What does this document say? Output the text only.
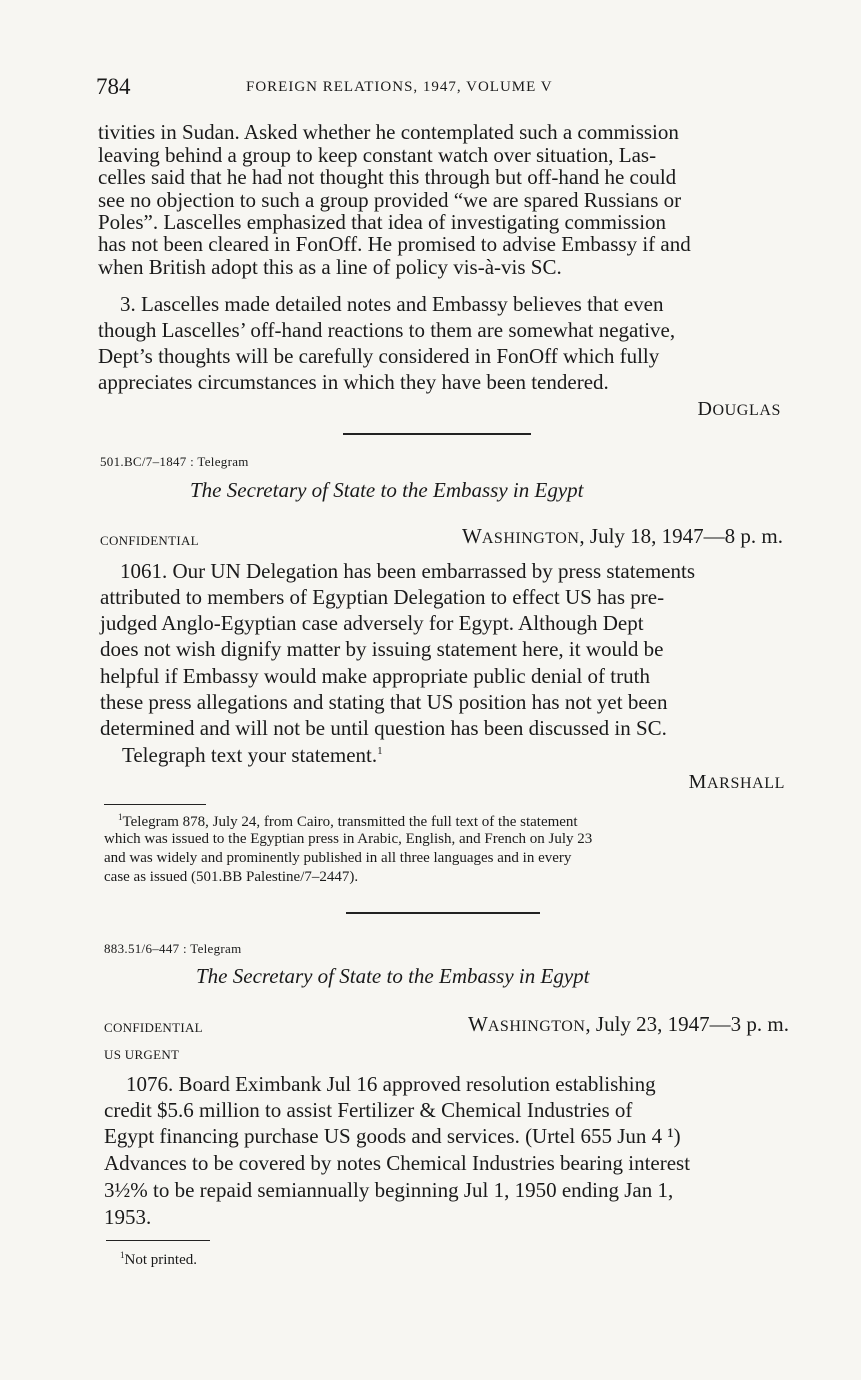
784	FOREIGN RELATIONS, 1947, VOLUME V
tivities in Sudan. Asked whether he contemplated such a commission
leaving behind a group to keep constant watch over situation, Las-
celles said that he had not thought this through but off-hand he could
see no objection to such a group provided “we are spared Russians or
Poles”. Lascelles emphasized that idea of investigating commission
has not been cleared in FonOff. He promised to advise Embassy if and
when British adopt this as a line of policy vis-à-vis SC.
3. Lascelles made detailed notes and Embassy believes that even
though Lascelles’ off-hand reactions to them are somewhat negative,
Dept’s thoughts will be carefully considered in FonOff which fully
appreciates circumstances in which they have been tendered.
DOUGLAS
501.BC/7–1847 : Telegram
The Secretary of State to the Embassy in Egypt
CONFIDENTIAL	WASHINGTON, July 18, 1947—8 p. m.
1061. Our UN Delegation has been embarrassed by press statements
attributed to members of Egyptian Delegation to effect US has pre-
judged Anglo-Egyptian case adversely for Egypt. Although Dept
does not wish dignify matter by issuing statement here, it would be
helpful if Embassy would make appropriate public denial of truth
these press allegations and stating that US position has not yet been
determined and will not be until question has been discussed in SC.
Telegraph text your statement.$^1$
MARSHALL
$^1$Telegram 878, July 24, from Cairo, transmitted the full text of the statement
which was issued to the Egyptian press in Arabic, English, and French on July 23
and was widely and prominently published in all three languages and in every
case as issued (501.BB Palestine/7–2447).
883.51/6–447 : Telegram
The Secretary of State to the Embassy in Egypt
CONFIDENTIAL
US URGENT
WASHINGTON, July 23, 1947—3 p. m.
1076. Board Eximbank Jul 16 approved resolution establishing
credit $5.6 million to assist Fertilizer & Chemical Industries of
Egypt financing purchase US goods and services. (Urtel 655 Jun 4 ¹)
Advances to be covered by notes Chemical Industries bearing interest
3½% to be repaid semiannually beginning Jul 1, 1950 ending Jan 1,
1953.
$^1$Not printed.
